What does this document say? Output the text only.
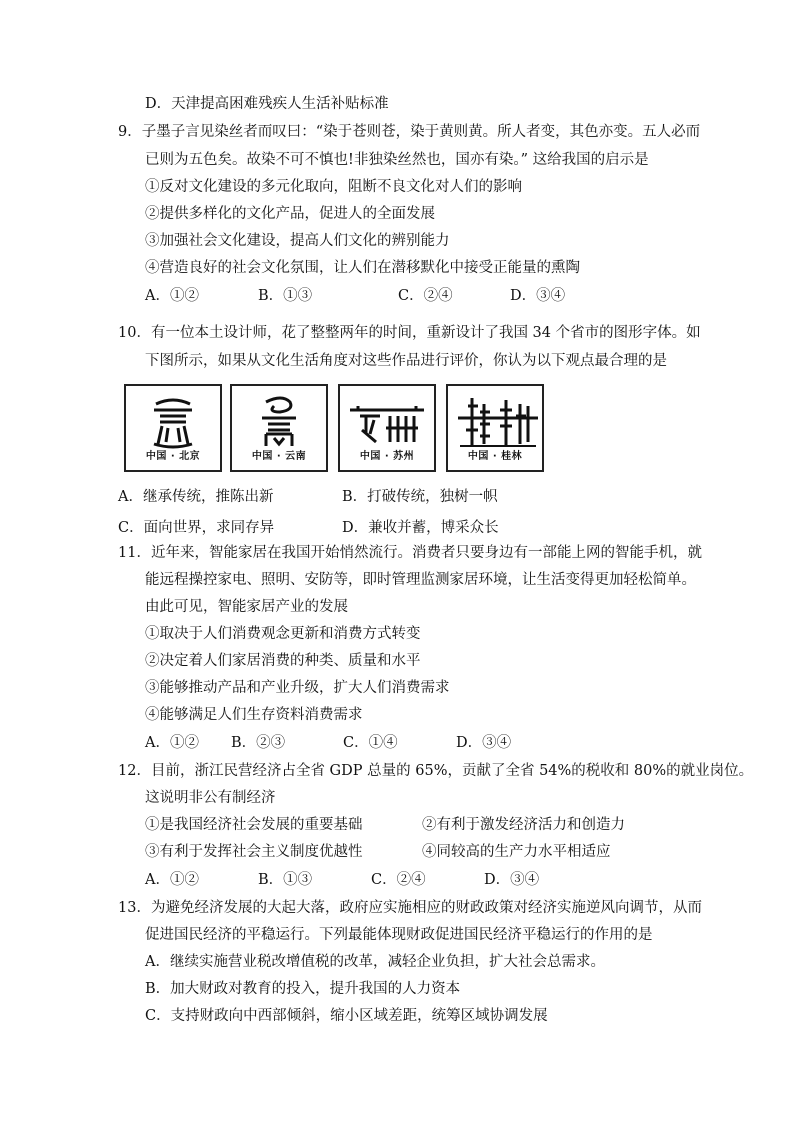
D．天津提高困难残疾人生活补贴标准
9．子墨子言见染丝者而叹曰：“染于苍则苍，染于黄则黄。所人者变，其色亦变。五人必而
已则为五色矣。故染不可不慎也!非独染丝然也，国亦有染。” 这给我国的启示是
①反对文化建设的多元化取向，阻断不良文化对人们的影响
②提供多样化的文化产品，促进人的全面发展
③加强社会文化建设，提高人们文化的辨别能力
④营造良好的社会文化氛围，让人们在潜移默化中接受正能量的熏陶
A．①②	B．①③	C．②④	D．③④
10．有一位本土设计师，花了整整两年的时间，重新设计了我国 34 个省市的图形字体。如
下图所示，如果从文化生活角度对这些作品进行评价，你认为以下观点最合理的是
中国 · 北京	中国 · 云南	中国 · 苏州	中国 · 桂林
A．继承传统，推陈出新	B．打破传统，独树一帜
C．面向世界，求同存异	D．兼收并蓄，博采众长
11．近年来，智能家居在我国开始悄然流行。消费者只要身边有一部能上网的智能手机，就
能远程操控家电、照明、安防等，即时管理监测家居环境，让生活变得更加轻松简单。
由此可见，智能家居产业的发展
①取决于人们消费观念更新和消费方式转变
②决定着人们家居消费的种类、质量和水平
③能够推动产品和产业升级，扩大人们消费需求
④能够满足人们生存资料消费需求
A．①② B．②③	C．①④	D．③④
12．目前，浙江民营经济占全省 GDP 总量的 65%，贡献了全省 54%的税收和 80%的就业岗位。
这说明非公有制经济
①是我国经济社会发展的重要基础	②有利于激发经济活力和创造力
③有利于发挥社会主义制度优越性	④同较高的生产力水平相适应
A．①②	B．①③	C．②④	D．③④
13．为避免经济发展的大起大落，政府应实施相应的财政政策对经济实施逆风向调节，从而
促进国民经济的平稳运行。下列最能体现财政促进国民经济平稳运行的作用的是
A．继续实施营业税改增值税的改革，减轻企业负担，扩大社会总需求。
B．加大财政对教育的投入，提升我国的人力资本
C．支持财政向中西部倾斜，缩小区域差距，统筹区域协调发展
